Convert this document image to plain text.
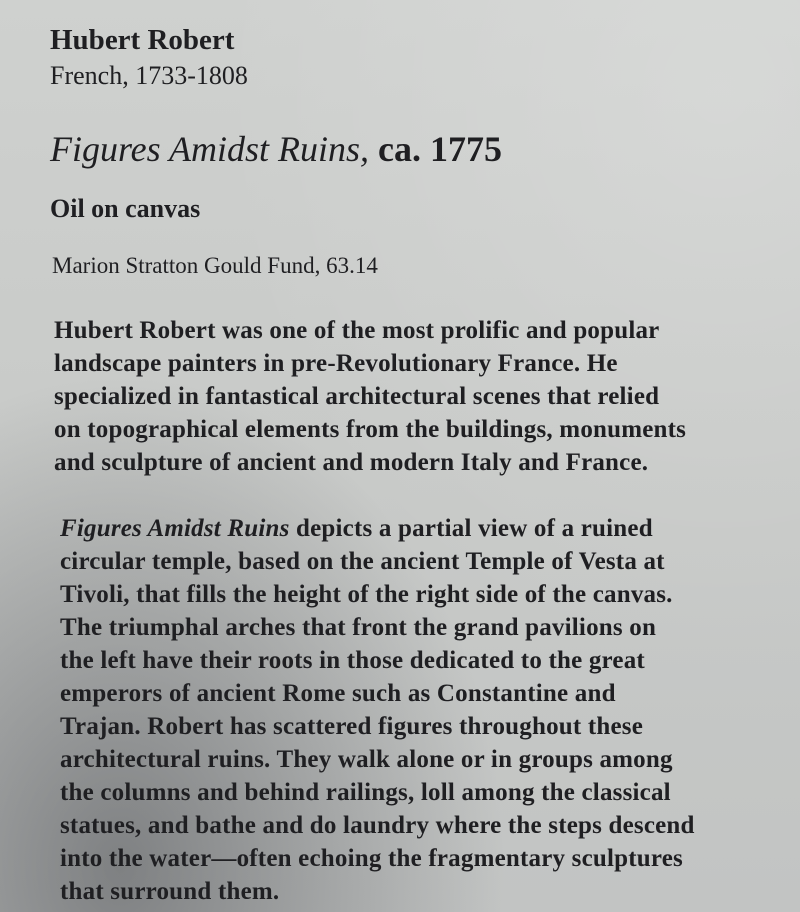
Hubert Robert

French, 1733-1808

Figures Amidst Ruins, ca. 1775

Oil on canvas

Marion Stratton Gould Fund, 63.14

Hubert Robert was one of the most prolific and popular
landscape painters in pre-Revolutionary France. He
specialized in fantastical architectural scenes that relied
on topographical elements from the buildings, monuments
and sculpture of ancient and modern Italy and France.
Figures Amidst Ruins depicts a partial view of a ruined
circular temple, based on the ancient Temple of Vesta at
Tivoli, that fills the height of the right side of the canvas.
The triumphal arches that front the grand pavilions on
the left have their roots in those dedicated to the great
emperors of ancient Rome such as Constantine and
Trajan. Robert has scattered figures throughout these
architectural ruins. They walk alone or in groups among
the columns and behind railings, loll among the classical
statues, and bathe and do laundry where the steps descend
into the water—often echoing the fragmentary sculptures
that surround them.
